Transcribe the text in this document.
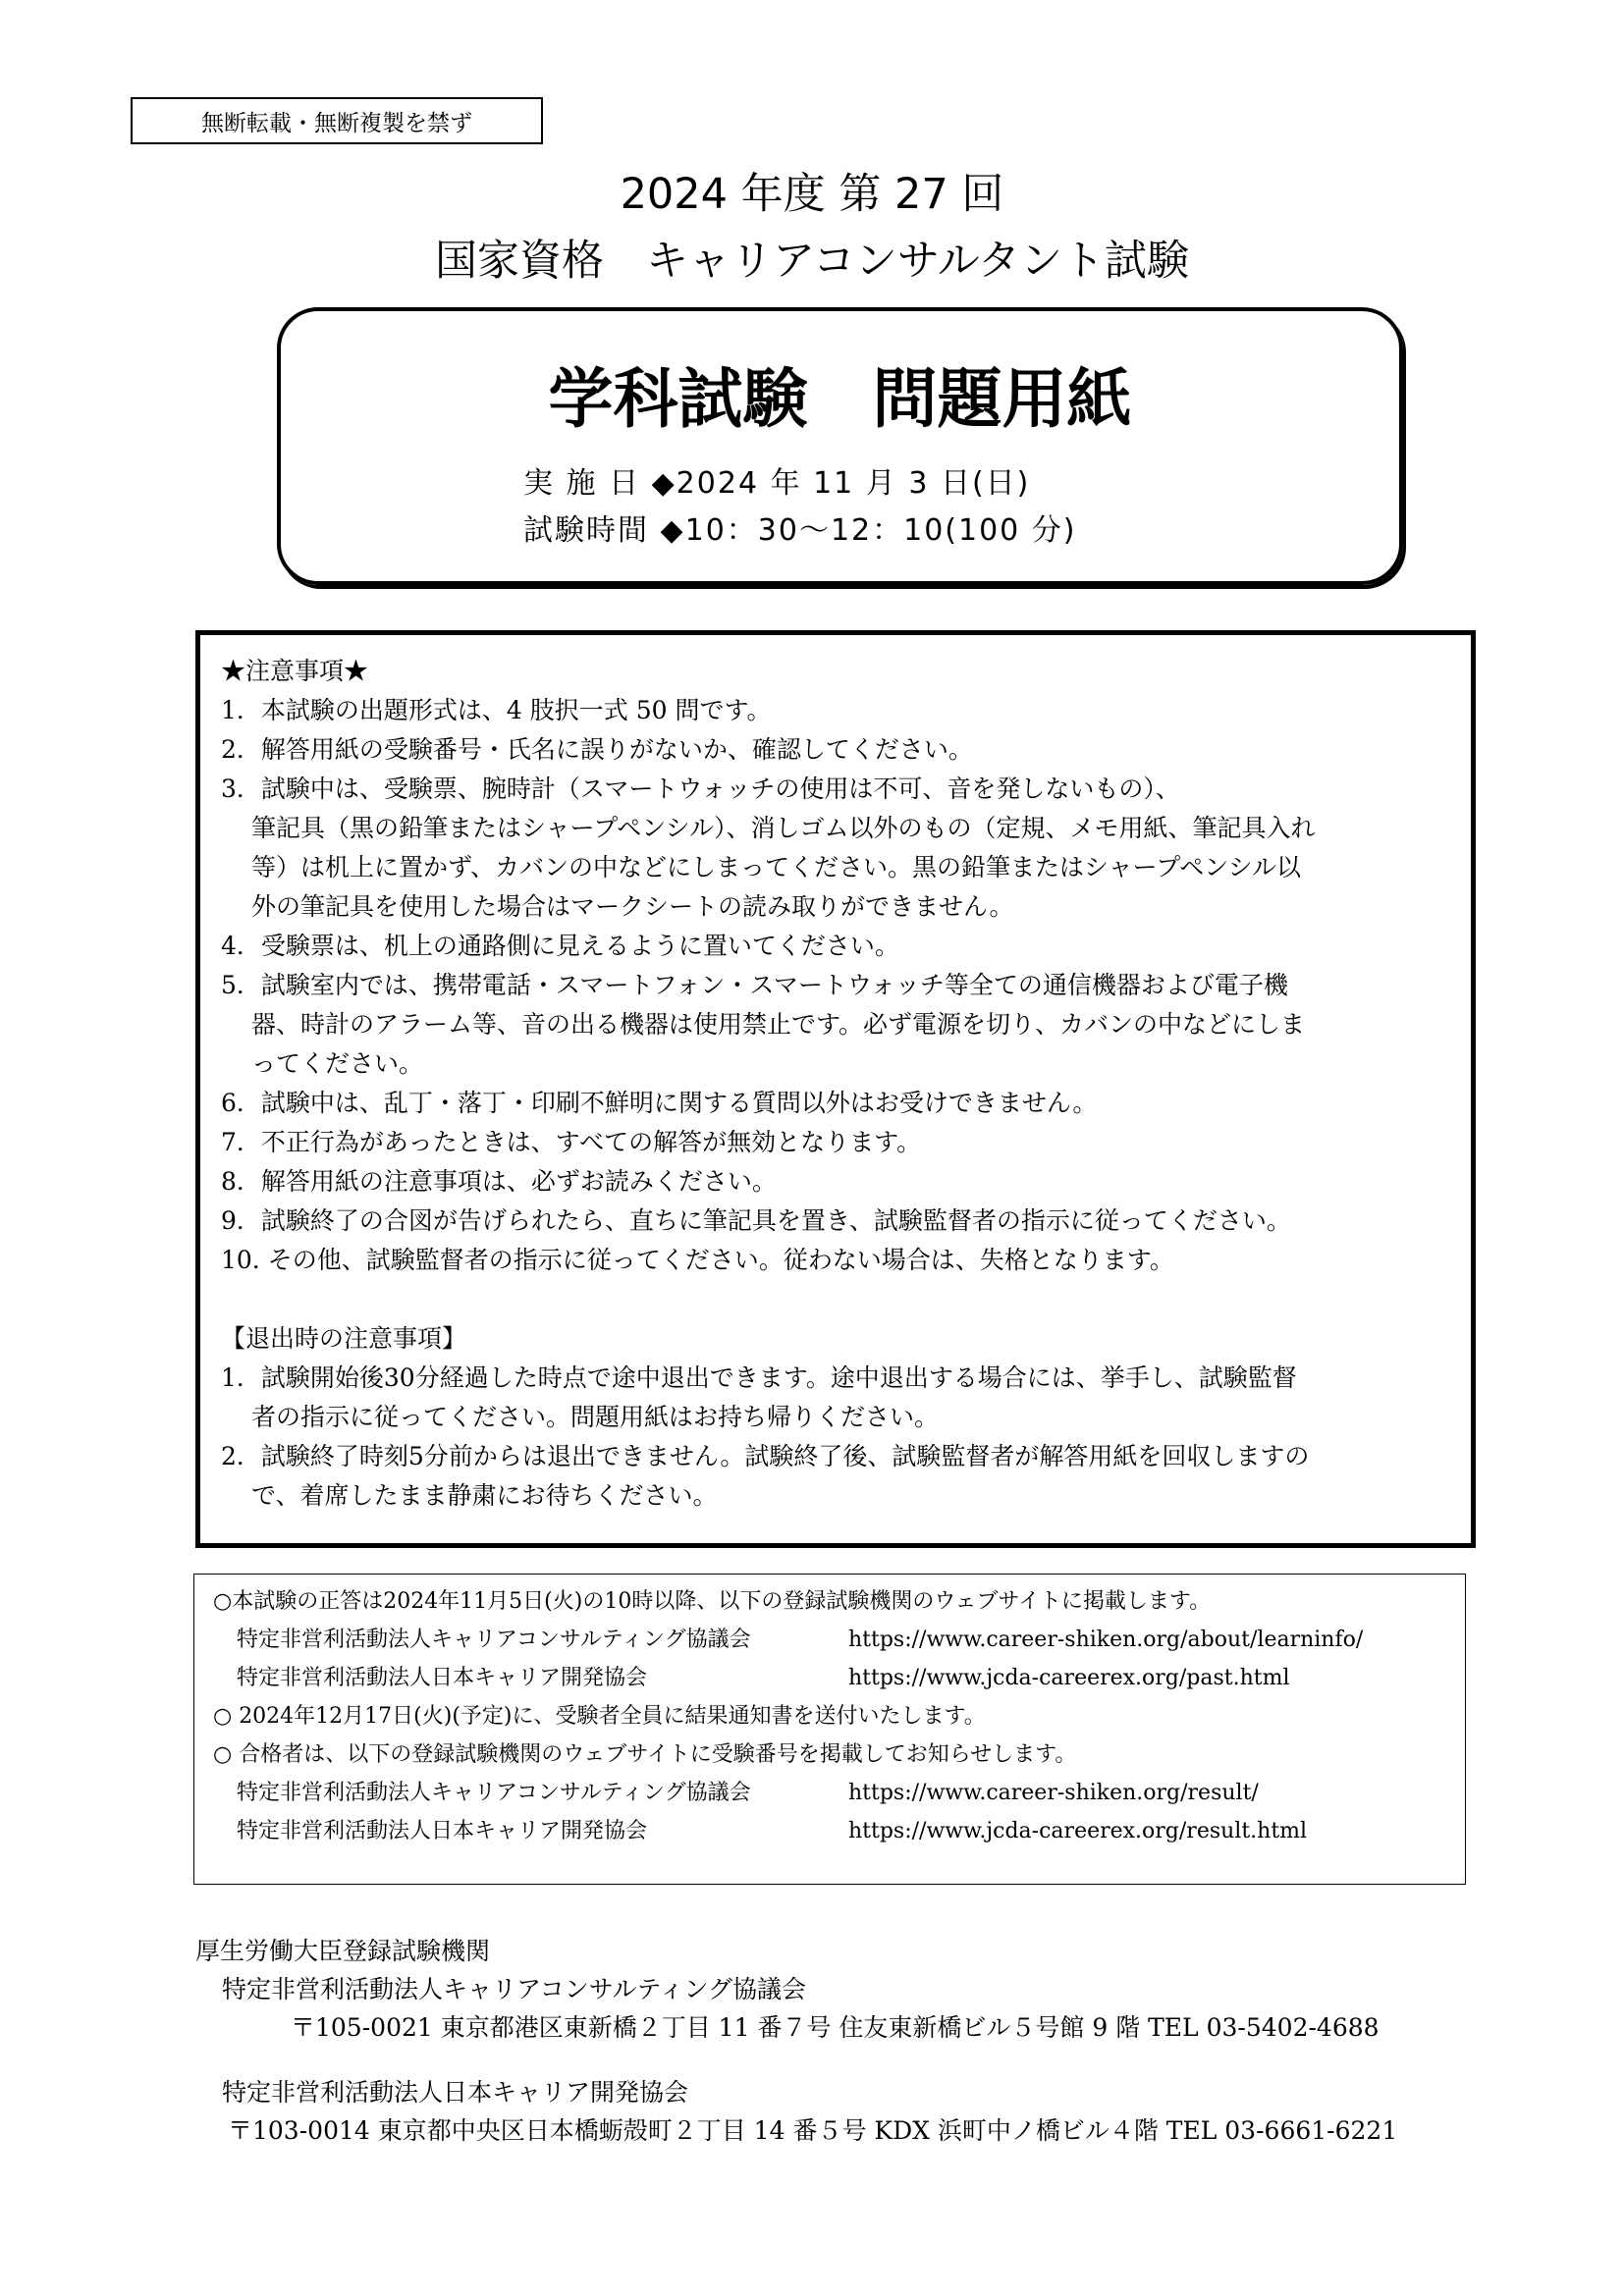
無断転載・無断複製を禁ず
2024 年度 第 27 回
国家資格　キャリアコンサルタント試験
学科試験　問題用紙
実 施 日 ◆2024 年 11 月 3 日(日)
試験時間 ◆10：30～12：10(100 分)
★注意事項★
1．本試験の出題形式は、4 肢択一式 50 問です。
2．解答用紙の受験番号・氏名に誤りがないか、確認してください。
3．試験中は、受験票、腕時計（スマートウォッチの使用は不可、音を発しないもの）、
筆記具（黒の鉛筆またはシャープペンシル）、消しゴム以外のもの（定規、メモ用紙、筆記具入れ
等）は机上に置かず、カバンの中などにしまってください。黒の鉛筆またはシャープペンシル以
外の筆記具を使用した場合はマークシートの読み取りができません。
4．受験票は、机上の通路側に見えるように置いてください。
5．試験室内では、携帯電話・スマートフォン・スマートウォッチ等全ての通信機器および電子機
器、時計のアラーム等、音の出る機器は使用禁止です。必ず電源を切り、カバンの中などにしま
ってください。
6．試験中は、乱丁・落丁・印刷不鮮明に関する質問以外はお受けできません。
7．不正行為があったときは、すべての解答が無効となります。
8．解答用紙の注意事項は、必ずお読みください。
9．試験終了の合図が告げられたら、直ちに筆記具を置き、試験監督者の指示に従ってください。
10. その他、試験監督者の指示に従ってください。従わない場合は、失格となります。
【退出時の注意事項】
1．試験開始後30分経過した時点で途中退出できます。途中退出する場合には、挙手し、試験監督
者の指示に従ってください。問題用紙はお持ち帰りください。
2．試験終了時刻5分前からは退出できません。試験終了後、試験監督者が解答用紙を回収しますの
で、着席したまま静粛にお待ちください。
○本試験の正答は2024年11月5日(火)の10時以降、以下の登録試験機関のウェブサイトに掲載します。
特定非営利活動法人キャリアコンサルティング協議会	https://www.career-shiken.org/about/learninfo/
特定非営利活動法人日本キャリア開発協会	https://www.jcda-careerex.org/past.html
○ 2024年12月17日(火)(予定)に、受験者全員に結果通知書を送付いたします。
○ 合格者は、以下の登録試験機関のウェブサイトに受験番号を掲載してお知らせします。
特定非営利活動法人キャリアコンサルティング協議会	https://www.career-shiken.org/result/
特定非営利活動法人日本キャリア開発協会	https://www.jcda-careerex.org/result.html
厚生労働大臣登録試験機関
特定非営利活動法人キャリアコンサルティング協議会
〒105-0021 東京都港区東新橋２丁目 11 番７号 住友東新橋ビル５号館 9 階 TEL 03-5402-4688
特定非営利活動法人日本キャリア開発協会
〒103-0014 東京都中央区日本橋蛎殻町２丁目 14 番５号 KDX 浜町中ノ橋ビル４階 TEL 03-6661-6221
